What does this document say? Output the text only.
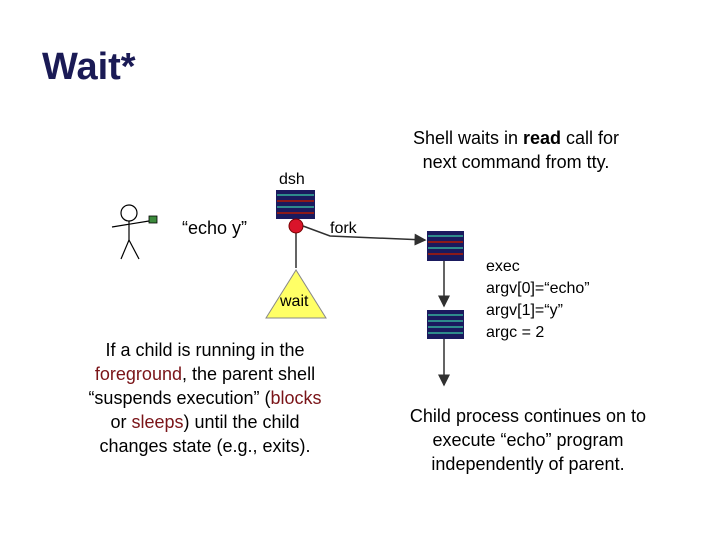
Wait*
dsh
“echo y”	fork
wait
exec
argv[0]=“echo”
argv[1]=“y”
argc = 2
Shell waits in read call for
next command from tty.
If a child is running in the
foreground, the parent shell
“suspends execution” (blocks
or sleeps) until the child
changes state (e.g., exits).
Child process continues on to
execute “echo” program
independently of parent.
